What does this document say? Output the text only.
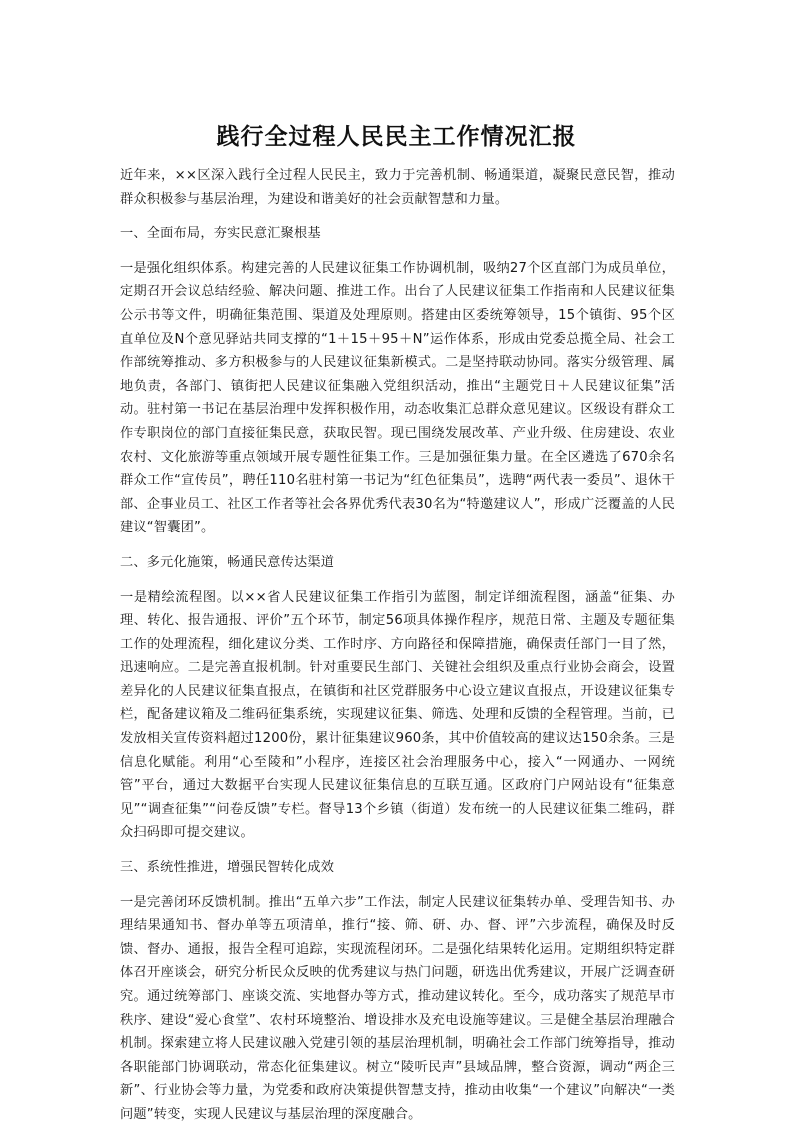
践行全过程人民民主工作情况汇报

近年来，××区深入践行全过程人民民主，致力于完善机制、畅通渠道，凝聚民意民智，推动群众积极参与基层治理，为建设和谐美好的社会贡献智慧和力量。

一、全面布局，夯实民意汇聚根基

一是强化组织体系。构建完善的人民建议征集工作协调机制，吸纳27个区直部门为成员单位，定期召开会议总结经验、解决问题、推进工作。出台了人民建议征集工作指南和人民建议征集公示书等文件，明确征集范围、渠道及处理原则。搭建由区委统筹领导，15个镇街、95个区直单位及N个意见驿站共同支撑的“1＋15＋95＋N”运作体系，形成由党委总揽全局、社会工作部统筹推动、多方积极参与的人民建议征集新模式。二是坚持联动协同。落实分级管理、属地负责，各部门、镇街把人民建议征集融入党组织活动，推出“主题党日＋人民建议征集”活动。驻村第一书记在基层治理中发挥积极作用，动态收集汇总群众意见建议。区级设有群众工作专职岗位的部门直接征集民意，获取民智。现已围绕发展改革、产业升级、住房建设、农业农村、文化旅游等重点领域开展专题性征集工作。三是加强征集力量。在全区遴选了670余名群众工作“宣传员”，聘任110名驻村第一书记为“红色征集员”，选聘“两代表一委员”、退休干部、企事业员工、社区工作者等社会各界优秀代表30名为“特邀建议人”，形成广泛覆盖的人民建议“智囊团”。

二、多元化施策，畅通民意传达渠道

一是精绘流程图。以××省人民建议征集工作指引为蓝图，制定详细流程图，涵盖“征集、办理、转化、报告通报、评价”五个环节，制定56项具体操作程序，规范日常、主题及专题征集工作的处理流程，细化建议分类、工作时序、方向路径和保障措施，确保责任部门一目了然，迅速响应。二是完善直报机制。针对重要民生部门、关键社会组织及重点行业协会商会，设置差异化的人民建议征集直报点，在镇街和社区党群服务中心设立建议直报点，开设建议征集专栏，配备建议箱及二维码征集系统，实现建议征集、筛选、处理和反馈的全程管理。当前，已发放相关宣传资料超过1200份，累计征集建议960条，其中价值较高的建议达150余条。三是信息化赋能。利用“心至陵和”小程序，连接区社会治理服务中心，接入“一网通办、一网统管”平台，通过大数据平台实现人民建议征集信息的互联互通。区政府门户网站设有“征集意见”“调查征集”“问卷反馈”专栏。督导13个乡镇（街道）发布统一的人民建议征集二维码，群众扫码即可提交建议。

三、系统性推进，增强民智转化成效

一是完善闭环反馈机制。推出“五单六步”工作法，制定人民建议征集转办单、受理告知书、办理结果通知书、督办单等五项清单，推行“接、筛、研、办、督、评”六步流程，确保及时反馈、督办、通报，报告全程可追踪，实现流程闭环。二是强化结果转化运用。定期组织特定群体召开座谈会，研究分析民众反映的优秀建议与热门问题，研选出优秀建议，开展广泛调查研究。通过统筹部门、座谈交流、实地督办等方式，推动建议转化。至今，成功落实了规范早市秩序、建设“爱心食堂”、农村环境整治、增设排水及充电设施等建议。三是健全基层治理融合机制。探索建立将人民建议融入党建引领的基层治理机制，明确社会工作部门统筹指导，推动各职能部门协调联动，常态化征集建议。树立“陵听民声”县域品牌，整合资源，调动“两企三新”、行业协会等力量，为党委和政府决策提供智慧支持，推动由收集“一个建议”向解决“一类问题”转变，实现人民建议与基层治理的深度融合。
